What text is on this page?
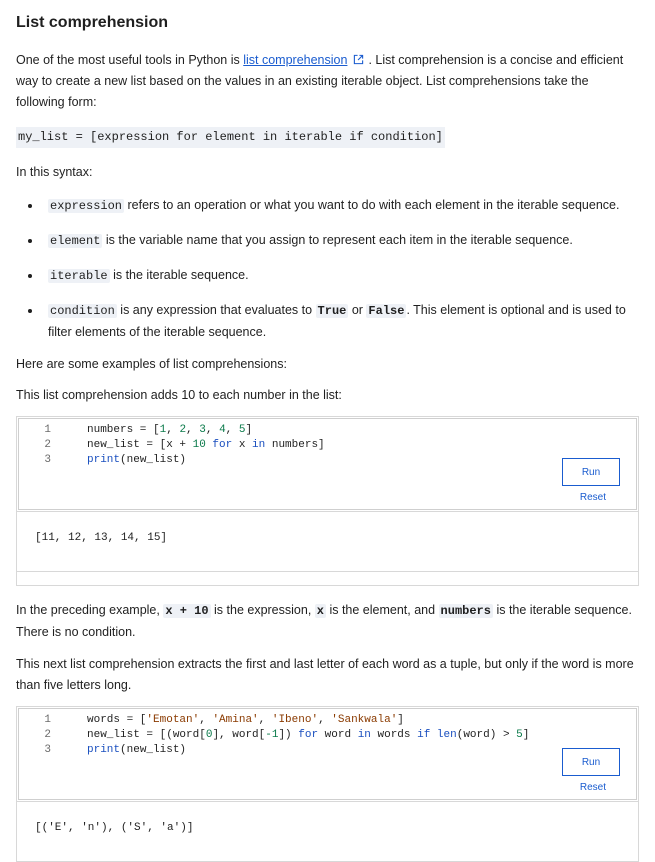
List comprehension

One of the most useful tools in Python is list comprehension . List comprehension is a concise and efficient way to create a new list based on the values in an existing iterable object. List comprehensions take the following form:

my_list = [expression for element in iterable if condition]

In this syntax:

expression refers to an operation or what you want to do with each element in the iterable sequence.
element is the variable name that you assign to represent each item in the iterable sequence.
iterable is the iterable sequence.
condition is any expression that evaluates to True or False . This element is optional and is used to filter elements of the iterable sequence.

Here are some examples of list comprehensions:

This list comprehension adds 10 to each number in the list:

1
2
3
numbers = [1, 2, 3, 4, 5]
new_list = [x + 10 for x in numbers]
print(new_list)
Run
Reset
[11, 12, 13, 14, 15]

In the preceding example, x + 10 is the expression, x is the element, and numbers is the iterable sequence. There is no condition.

This next list comprehension extracts the first and last letter of each word as a tuple, but only if the word is more than five letters long.

1
2
3
words = ['Emotan', 'Amina', 'Ibeno', 'Sankwala']
new_list = [(word[0], word[-1]) for word in words if len(word) > 5]
print(new_list)
Run
Reset
[('E', 'n'), ('S', 'a')]
